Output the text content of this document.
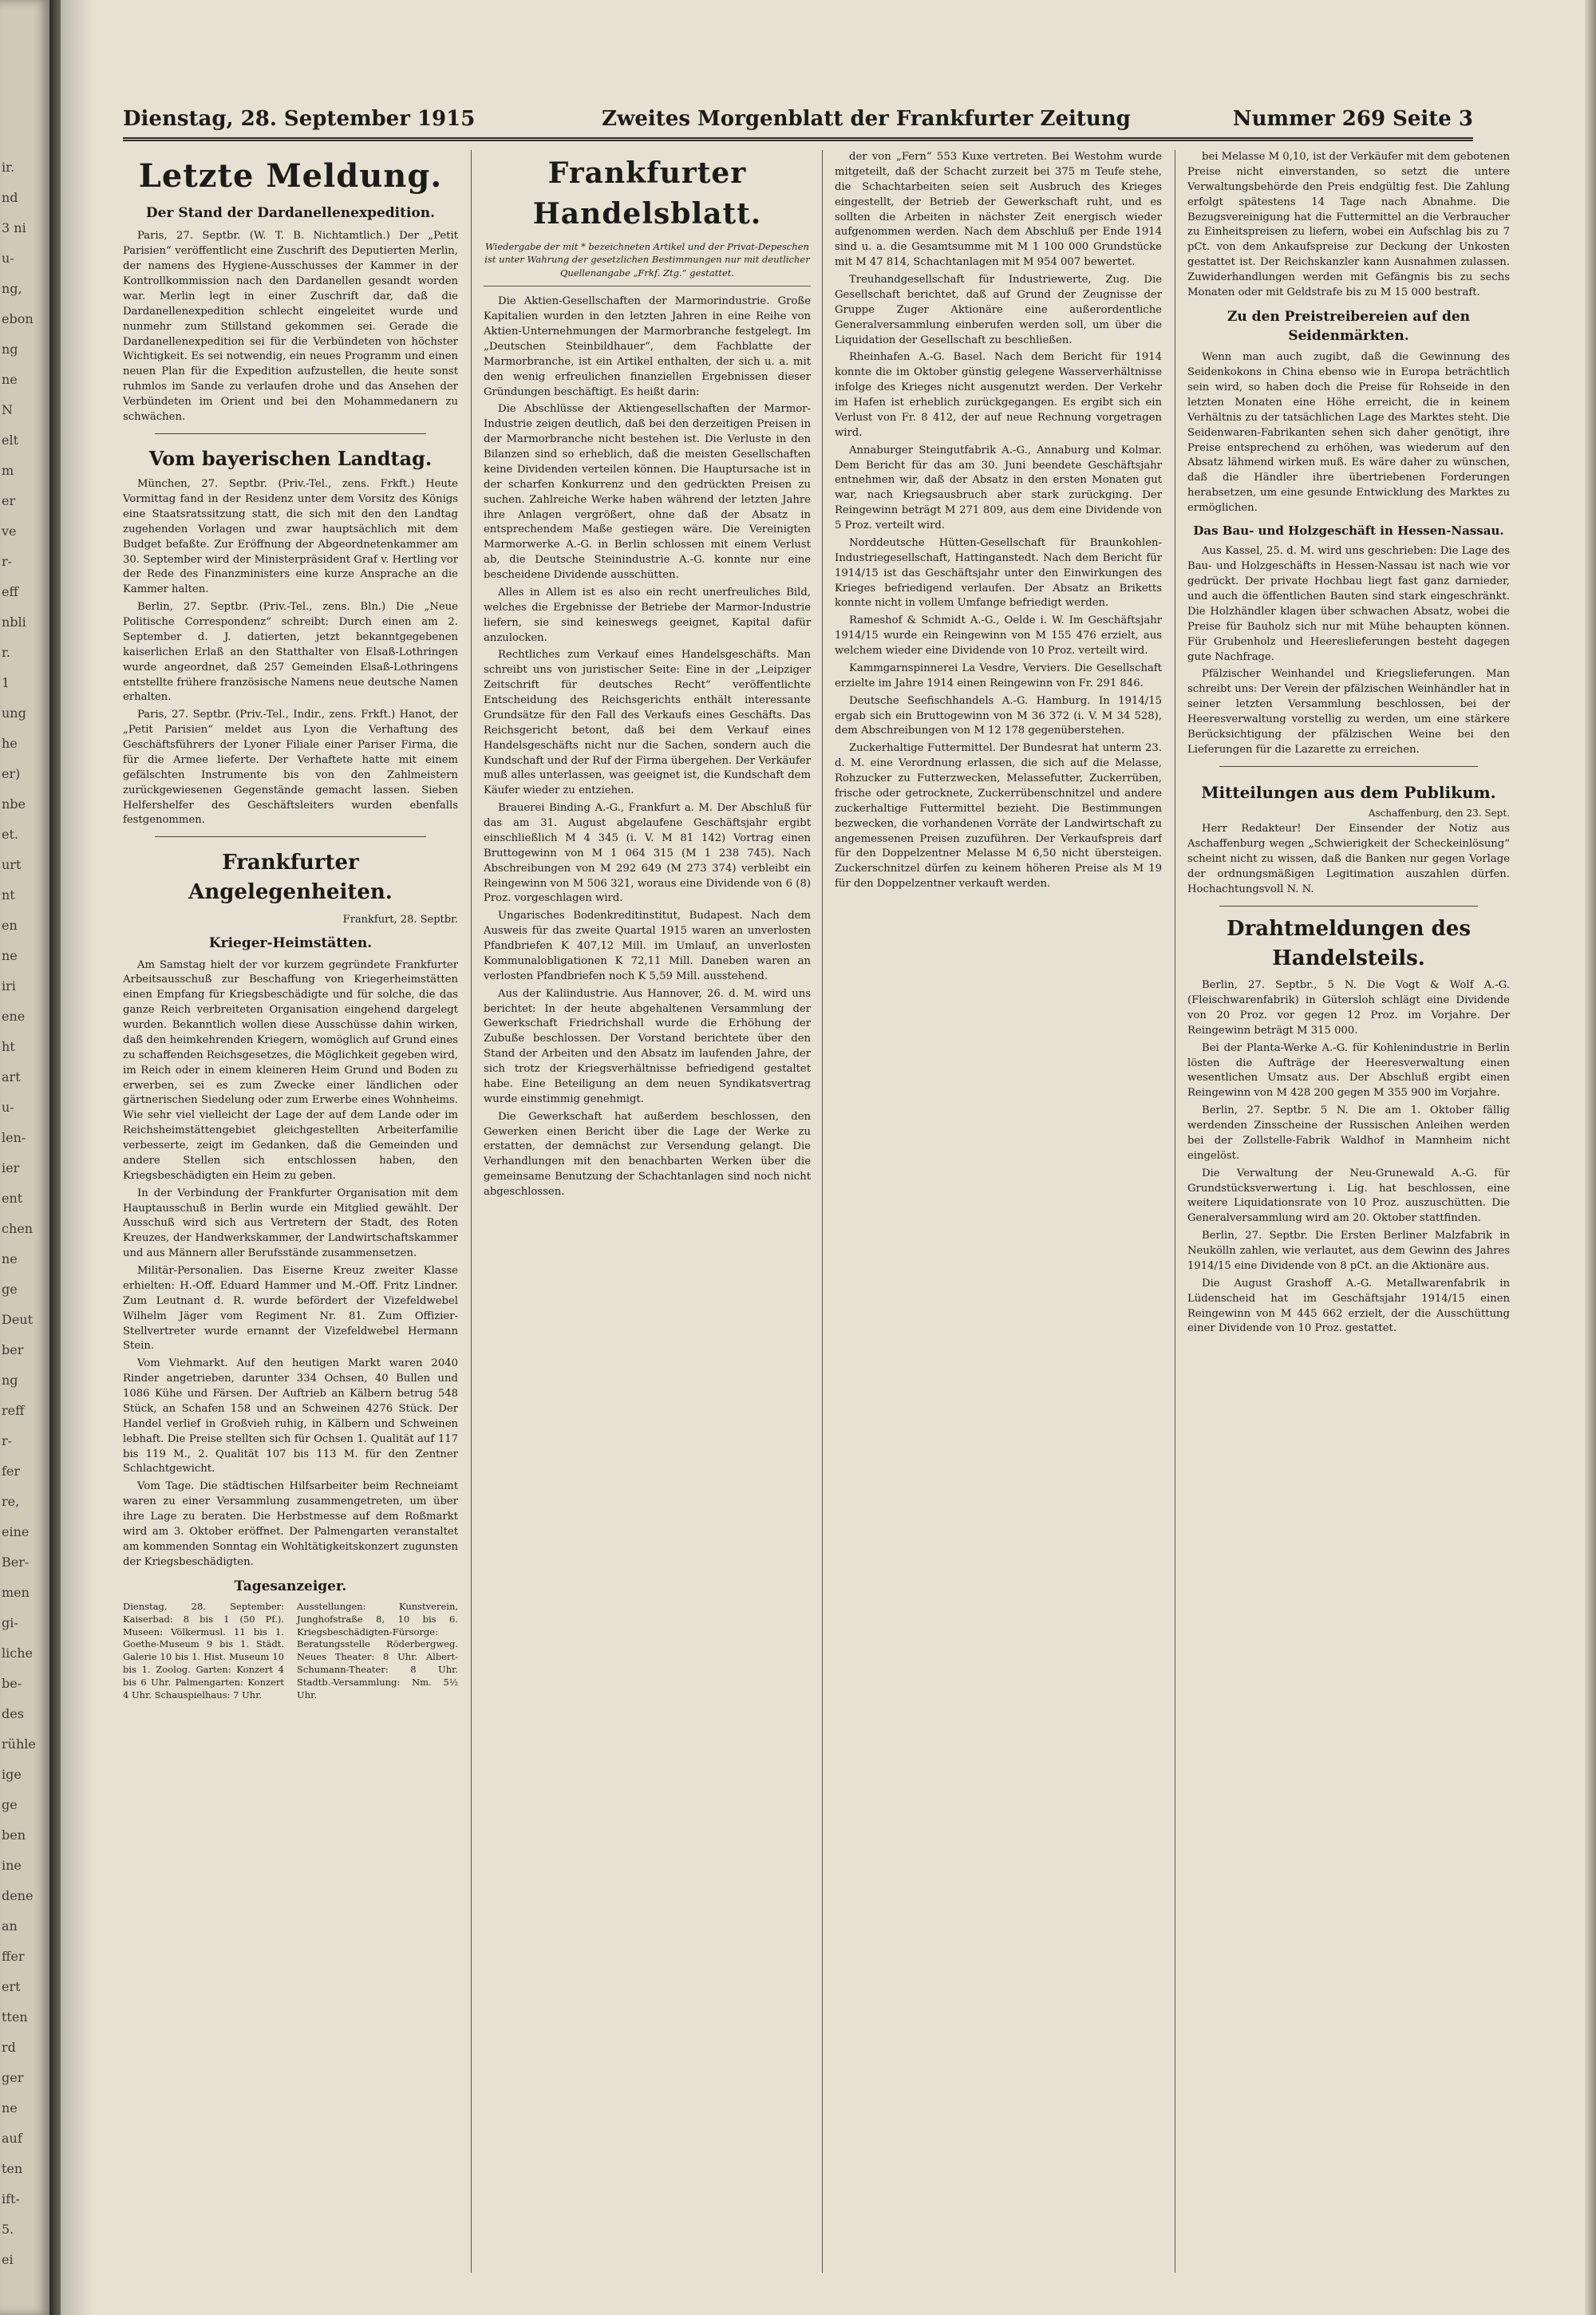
ir.
nd
3 ni
u-
ng,
ebon
ng
ne
N
elt
m
er
ve
r-
eff
nbli
r.
1
ung
he
er)
nbe
et.
urt
nt
en
ne
iri
ene
ht
art
u-
len-
ier
ent
chen
ne
ge
Deut
ber
ng
reff
r-
fer
re,
eine
Ber-
men
gi-
liche
be-
des
rühle
ige
ge
ben
ine
dene
an
ffer
ert
tten
rd
ger
ne
auf
ten
ift-
5.
ei
Dienstag, 28. September 1915	Zweites Morgenblatt der Frankfurter Zeitung	Nummer 269 Seite 3
Letzte Meldung.
Der Stand der Dardanellenexpedition.

Paris, 27. Septbr. (W. T. B. Nichtamtlich.) Der „Petit Parisien“ veröffentlicht eine Zuschrift des Deputierten Merlin, der namens des Hygiene-Ausschusses der Kammer in der Kontrollkommission nach den Dardanellen gesandt worden war. Merlin legt in einer Zuschrift dar, daß die Dardanellenexpedition schlecht eingeleitet wurde und nunmehr zum Stillstand gekommen sei. Gerade die Dardanellenexpedition sei für die Verbündeten von höchster Wichtigkeit. Es sei notwendig, ein neues Programm und einen neuen Plan für die Expedition aufzustellen, die heute sonst ruhmlos im Sande zu verlaufen drohe und das Ansehen der Verbündeten im Orient und bei den Mohammedanern zu schwächen.

Vom bayerischen Landtag.

München, 27. Septbr. (Priv.-Tel., zens. Frkft.) Heute Vormittag fand in der Residenz unter dem Vorsitz des Königs eine Staatsratssitzung statt, die sich mit den den Landtag zugehenden Vorlagen und zwar hauptsächlich mit dem Budget befaßte. Zur Eröffnung der Abgeordnetenkammer am 30. September wird der Ministerpräsident Graf v. Hertling vor der Rede des Finanzministers eine kurze Ansprache an die Kammer halten.

Berlin, 27. Septbr. (Priv.-Tel., zens. Bln.) Die „Neue Politische Correspondenz“ schreibt: Durch einen am 2. September d. J. datierten, jetzt bekanntgegebenen kaiserlichen Erlaß an den Statthalter von Elsaß-Lothringen wurde angeordnet, daß 257 Gemeinden Elsaß-Lothringens entstellte frühere französische Namens neue deutsche Namen erhalten.

Paris, 27. Septbr. (Priv.-Tel., Indir., zens. Frkft.) Hanot, der „Petit Parisien“ meldet aus Lyon die Verhaftung des Geschäftsführers der Lyoner Filiale einer Pariser Firma, die für die Armee lieferte. Der Verhaftete hatte mit einem gefälschten Instrumente bis von den Zahlmeistern zurückgewiesenen Gegenstände gemacht lassen. Sieben Helfershelfer des Geschäftsleiters wurden ebenfalls festgenommen.

Frankfurter Angelegenheiten.
Frankfurt, 28. Septbr.
Krieger-Heimstätten.

Am Samstag hielt der vor kurzem gegründete Frankfurter Arbeitsausschuß zur Beschaffung von Kriegerheimstätten einen Empfang für Kriegsbeschädigte und für solche, die das ganze Reich verbreiteten Organisation eingehend dargelegt wurden. Bekanntlich wollen diese Ausschüsse dahin wirken, daß den heimkehrenden Kriegern, womöglich auf Grund eines zu schaffenden Reichsgesetzes, die Möglichkeit gegeben wird, im Reich oder in einem kleineren Heim Grund und Boden zu erwerben, sei es zum Zwecke einer ländlichen oder gärtnerischen Siedelung oder zum Erwerbe eines Wohnheims. Wie sehr viel vielleicht der Lage der auf dem Lande oder im Reichsheimstättengebiet gleichgestellten Arbeiterfamilie verbesserte, zeigt im Gedanken, daß die Gemeinden und andere Stellen sich entschlossen haben, den Kriegsbeschädigten ein Heim zu geben.

In der Verbindung der Frankfurter Organisation mit dem Hauptausschuß in Berlin wurde ein Mitglied gewählt. Der Ausschuß wird sich aus Vertretern der Stadt, des Roten Kreuzes, der Handwerkskammer, der Landwirtschaftskammer und aus Männern aller Berufsstände zusammensetzen.

Militär-Personalien. Das Eiserne Kreuz zweiter Klasse erhielten: H.-Off. Eduard Hammer und M.-Off. Fritz Lindner. Zum Leutnant d. R. wurde befördert der Vizefeldwebel Wilhelm Jäger vom Regiment Nr. 81. Zum Offizier-Stellvertreter wurde ernannt der Vizefeldwebel Hermann Stein.

Vom Viehmarkt. Auf den heutigen Markt waren 2040 Rinder angetrieben, darunter 334 Ochsen, 40 Bullen und 1086 Kühe und Färsen. Der Auftrieb an Kälbern betrug 548 Stück, an Schafen 158 und an Schweinen 4276 Stück. Der Handel verlief in Großvieh ruhig, in Kälbern und Schweinen lebhaft. Die Preise stellten sich für Ochsen 1. Qualität auf 117 bis 119 M., 2. Qualität 107 bis 113 M. für den Zentner Schlachtgewicht.

Vom Tage. Die städtischen Hilfsarbeiter beim Rechneiamt waren zu einer Versammlung zusammengetreten, um über ihre Lage zu beraten. Die Herbstmesse auf dem Roßmarkt wird am 3. Oktober eröffnet. Der Palmengarten veranstaltet am kommenden Sonntag ein Wohltätigkeitskonzert zugunsten der Kriegsbeschädigten.

Tagesanzeiger.
Dienstag, 28. September: Kaiserbad: 8 bis 1 (50 Pf.). Museen: Völkermusl. 11 bis 1. Goethe-Museum 9 bis 1. Städt. Galerie 10 bis 1. Hist. Museum 10 bis 1. Zoolog. Garten: Konzert 4 bis 6 Uhr. Palmengarten: Konzert 4 Uhr. Schauspielhaus: 7 Uhr.
Ausstellungen: Kunstverein, Junghofstraße 8, 10 bis 6. Kriegsbeschädigten-Fürsorge: Beratungsstelle Röderbergweg. Neues Theater: 8 Uhr. Albert-Schumann-Theater: 8 Uhr. Stadtb.-Versammlung: Nm. 5½ Uhr.
Frankfurter Handelsblatt.
Wiedergabe der mit * bezeichneten Artikel und der Privat-Depeschen ist unter Wahrung der gesetzlichen Bestimmungen nur mit deutlicher Quellenangabe „Frkf. Ztg.“ gestattet.

Die Aktien-Gesellschaften der Marmorindustrie. Große Kapitalien wurden in den letzten Jahren in eine Reihe von Aktien-Unternehmungen der Marmorbranche festgelegt. Im „Deutschen Steinbildhauer“, dem Fachblatte der Marmorbranche, ist ein Artikel enthalten, der sich u. a. mit den wenig erfreulichen finanziellen Ergebnissen dieser Gründungen beschäftigt. Es heißt darin:

Die Abschlüsse der Aktiengesellschaften der Marmor-Industrie zeigen deutlich, daß bei den derzeitigen Preisen in der Marmorbranche nicht bestehen ist. Die Verluste in den Bilanzen sind so erheblich, daß die meisten Gesellschaften keine Dividenden verteilen können. Die Hauptursache ist in der scharfen Konkurrenz und den gedrückten Preisen zu suchen. Zahlreiche Werke haben während der letzten Jahre ihre Anlagen vergrößert, ohne daß der Absatz in entsprechendem Maße gestiegen wäre. Die Vereinigten Marmorwerke A.-G. in Berlin schlossen mit einem Verlust ab, die Deutsche Steinindustrie A.-G. konnte nur eine bescheidene Dividende ausschütten.

Alles in Allem ist es also ein recht unerfreuliches Bild, welches die Ergebnisse der Betriebe der Marmor-Industrie liefern, sie sind keineswegs geeignet, Kapital dafür anzulocken.

Rechtliches zum Verkauf eines Handelsgeschäfts. Man schreibt uns von juristischer Seite: Eine in der „Leipziger Zeitschrift für deutsches Recht“ veröffentlichte Entscheidung des Reichsgerichts enthält interessante Grundsätze für den Fall des Verkaufs eines Geschäfts. Das Reichsgericht betont, daß bei dem Verkauf eines Handelsgeschäfts nicht nur die Sachen, sondern auch die Kundschaft und der Ruf der Firma übergehen. Der Verkäufer muß alles unterlassen, was geeignet ist, die Kundschaft dem Käufer wieder zu entziehen.

Brauerei Binding A.-G., Frankfurt a. M. Der Abschluß für das am 31. August abgelaufene Geschäftsjahr ergibt einschließlich M 4 345 (i. V. M 81 142) Vortrag einen Bruttogewinn von M 1 064 315 (M 1 238 745). Nach Abschreibungen von M 292 649 (M 273 374) verbleibt ein Reingewinn von M 506 321, woraus eine Dividende von 6 (8) Proz. vorgeschlagen wird.

Ungarisches Bodenkreditinstitut, Budapest. Nach dem Ausweis für das zweite Quartal 1915 waren an unverlosten Pfandbriefen K 407,12 Mill. im Umlauf, an unverlosten Kommunalobligationen K 72,11 Mill. Daneben waren an verlosten Pfandbriefen noch K 5,59 Mill. ausstehend.

Aus der Kaliindustrie. Aus Hannover, 26. d. M. wird uns berichtet: In der heute abgehaltenen Versammlung der Gewerkschaft Friedrichshall wurde die Erhöhung der Zubuße beschlossen. Der Vorstand berichtete über den Stand der Arbeiten und den Absatz im laufenden Jahre, der sich trotz der Kriegsverhältnisse befriedigend gestaltet habe. Eine Beteiligung an dem neuen Syndikatsvertrag wurde einstimmig genehmigt.

Die Gewerkschaft hat außerdem beschlossen, den Gewerken einen Bericht über die Lage der Werke zu erstatten, der demnächst zur Versendung gelangt. Die Verhandlungen mit den benachbarten Werken über die gemeinsame Benutzung der Schachtanlagen sind noch nicht abgeschlossen.

der von „Fern“ 553 Kuxe vertreten. Bei Westohm wurde mitgeteilt, daß der Schacht zurzeit bei 375 m Teufe stehe, die Schachtarbeiten seien seit Ausbruch des Krieges eingestellt, der Betrieb der Gewerkschaft ruht, und es sollten die Arbeiten in nächster Zeit energisch wieder aufgenommen werden. Nach dem Abschluß per Ende 1914 sind u. a. die Gesamtsumme mit M 1 100 000 Grundstücke mit M 47 814, Schachtanlagen mit M 954 007 bewertet.

Treuhandgesellschaft für Industriewerte, Zug. Die Gesellschaft berichtet, daß auf Grund der Zeugnisse der Gruppe Zuger Aktionäre eine außerordentliche Generalversammlung einberufen werden soll, um über die Liquidation der Gesellschaft zu beschließen.

Rheinhafen A.-G. Basel. Nach dem Bericht für 1914 konnte die im Oktober günstig gelegene Wasserverhältnisse infolge des Krieges nicht ausgenutzt werden. Der Verkehr im Hafen ist erheblich zurückgegangen. Es ergibt sich ein Verlust von Fr. 8 412, der auf neue Rechnung vorgetragen wird.

Annaburger Steingutfabrik A.-G., Annaburg und Kolmar. Dem Bericht für das am 30. Juni beendete Geschäftsjahr entnehmen wir, daß der Absatz in den ersten Monaten gut war, nach Kriegsausbruch aber stark zurückging. Der Reingewinn beträgt M 271 809, aus dem eine Dividende von 5 Proz. verteilt wird.

Norddeutsche Hütten-Gesellschaft für Braunkohlen-Industriegesellschaft, Hattinganstedt. Nach dem Bericht für 1914/15 ist das Geschäftsjahr unter den Einwirkungen des Krieges befriedigend verlaufen. Der Absatz an Briketts konnte nicht in vollem Umfange befriedigt werden.

Rameshof & Schmidt A.-G., Oelde i. W. Im Geschäftsjahr 1914/15 wurde ein Reingewinn von M 155 476 erzielt, aus welchem wieder eine Dividende von 10 Proz. verteilt wird.

Kammgarnspinnerei La Vesdre, Verviers. Die Gesellschaft erzielte im Jahre 1914 einen Reingewinn von Fr. 291 846.

Deutsche Seefischhandels A.-G. Hamburg. In 1914/15 ergab sich ein Bruttogewinn von M 36 372 (i. V. M 34 528), dem Abschreibungen von M 12 178 gegenüberstehen.

Zuckerhaltige Futtermittel. Der Bundesrat hat unterm 23. d. M. eine Verordnung erlassen, die sich auf die Melasse, Rohzucker zu Futterzwecken, Melassefutter, Zuckerrüben, frische oder getrocknete, Zuckerrübenschnitzel und andere zuckerhaltige Futtermittel bezieht. Die Bestimmungen bezwecken, die vorhandenen Vorräte der Landwirtschaft zu angemessenen Preisen zuzuführen. Der Verkaufspreis darf für den Doppelzentner Melasse M 6,50 nicht übersteigen. Zuckerschnitzel dürfen zu keinem höheren Preise als M 19 für den Doppelzentner verkauft werden.

bei Melasse M 0,10, ist der Verkäufer mit dem gebotenen Preise nicht einverstanden, so setzt die untere Verwaltungsbehörde den Preis endgültig fest. Die Zahlung erfolgt spätestens 14 Tage nach Abnahme. Die Bezugsvereinigung hat die Futtermittel an die Verbraucher zu Einheitspreisen zu liefern, wobei ein Aufschlag bis zu 7 pCt. von dem Ankaufspreise zur Deckung der Unkosten gestattet ist. Der Reichskanzler kann Ausnahmen zulassen. Zuwiderhandlungen werden mit Gefängnis bis zu sechs Monaten oder mit Geldstrafe bis zu M 15 000 bestraft.

Zu den Preistreibereien auf den Seidenmärkten.

Wenn man auch zugibt, daß die Gewinnung des Seidenkokons in China ebenso wie in Europa beträchtlich sein wird, so haben doch die Preise für Rohseide in den letzten Monaten eine Höhe erreicht, die in keinem Verhältnis zu der tatsächlichen Lage des Marktes steht. Die Seidenwaren-Fabrikanten sehen sich daher genötigt, ihre Preise entsprechend zu erhöhen, was wiederum auf den Absatz lähmend wirken muß. Es wäre daher zu wünschen, daß die Händler ihre übertriebenen Forderungen herabsetzen, um eine gesunde Entwicklung des Marktes zu ermöglichen.

Das Bau- und Holzgeschäft in Hessen-Nassau.

Aus Kassel, 25. d. M. wird uns geschrieben: Die Lage des Bau- und Holzgeschäfts in Hessen-Nassau ist nach wie vor gedrückt. Der private Hochbau liegt fast ganz darnieder, und auch die öffentlichen Bauten sind stark eingeschränkt. Die Holzhändler klagen über schwachen Absatz, wobei die Preise für Bauholz sich nur mit Mühe behaupten können. Für Grubenholz und Heereslieferungen besteht dagegen gute Nachfrage.

Pfälzischer Weinhandel und Kriegslieferungen. Man schreibt uns: Der Verein der pfälzischen Weinhändler hat in seiner letzten Versammlung beschlossen, bei der Heeresverwaltung vorstellig zu werden, um eine stärkere Berücksichtigung der pfälzischen Weine bei den Lieferungen für die Lazarette zu erreichen.

Mitteilungen aus dem Publikum.
Aschaffenburg, den 23. Sept.

Herr Redakteur! Der Einsender der Notiz aus Aschaffenburg wegen „Schwierigkeit der Scheckeinlösung“ scheint nicht zu wissen, daß die Banken nur gegen Vorlage der ordnungsmäßigen Legitimation auszahlen dürfen. Hochachtungsvoll N. N.

Drahtmeldungen des Handelsteils.

Berlin, 27. Septbr., 5 N. Die Vogt & Wolf A.-G. (Fleischwarenfabrik) in Gütersloh schlägt eine Dividende von 20 Proz. vor gegen 12 Proz. im Vorjahre. Der Reingewinn beträgt M 315 000.

Bei der Planta-Werke A.-G. für Kohlenindustrie in Berlin lösten die Aufträge der Heeresverwaltung einen wesentlichen Umsatz aus. Der Abschluß ergibt einen Reingewinn von M 428 200 gegen M 355 900 im Vorjahre.

Berlin, 27. Septbr. 5 N. Die am 1. Oktober fällig werdenden Zinsscheine der Russischen Anleihen werden bei der Zollstelle-Fabrik Waldhof in Mannheim nicht eingelöst.

Die Verwaltung der Neu-Grunewald A.-G. für Grundstücksverwertung i. Lig. hat beschlossen, eine weitere Liquidationsrate von 10 Proz. auszuschütten. Die Generalversammlung wird am 20. Oktober stattfinden.

Berlin, 27. Septbr. Die Ersten Berliner Malzfabrik in Neukölln zahlen, wie verlautet, aus dem Gewinn des Jahres 1914/15 eine Dividende von 8 pCt. an die Aktionäre aus.

Die August Grashoff A.-G. Metallwarenfabrik in Lüdenscheid hat im Geschäftsjahr 1914/15 einen Reingewinn von M 445 662 erzielt, der die Ausschüttung einer Dividende von 10 Proz. gestattet.
